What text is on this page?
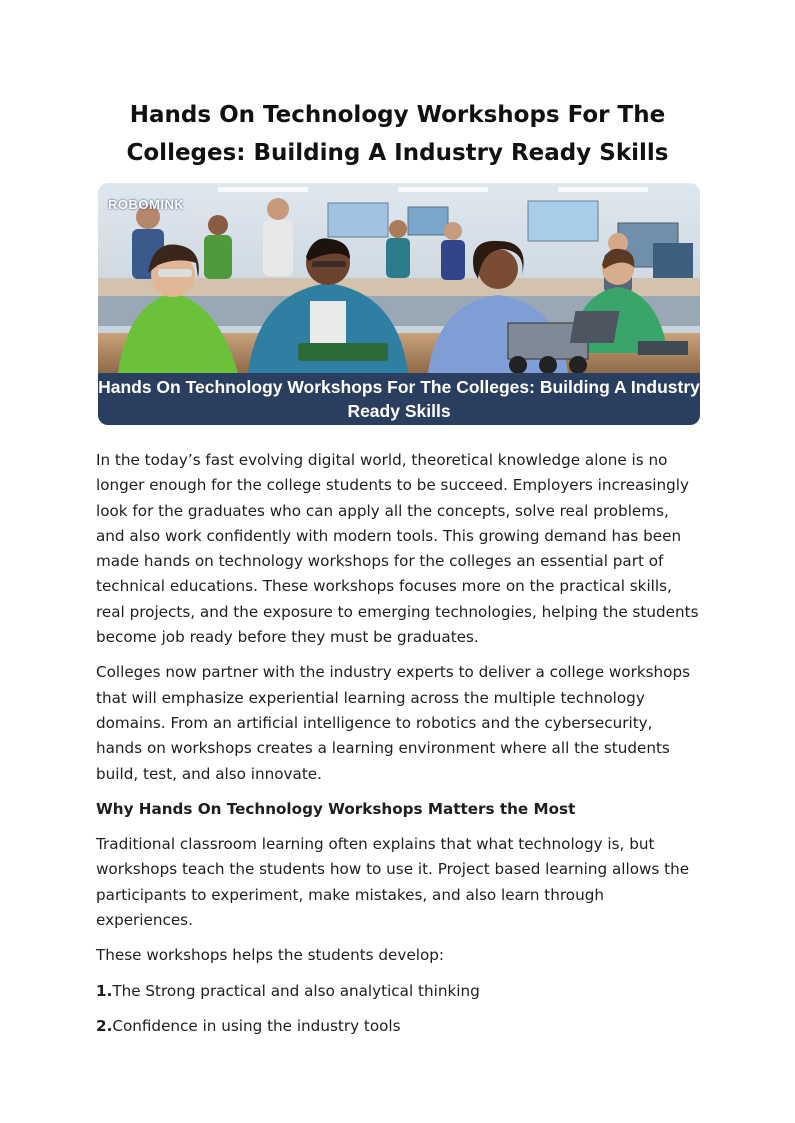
Hands On Technology Workshops For The Colleges: Building A Industry Ready Skills
ROBOMINK
Hands On Technology Workshops For The Colleges: Building A Industry Ready Skills

In the today’s fast evolving digital world, theoretical knowledge alone is no longer enough for the college students to be succeed. Employers increasingly look for the graduates who can apply all the concepts, solve real problems, and also work confidently with modern tools. This growing demand has been made hands on technology workshops for the colleges an essential part of technical educations. These workshops focuses more on the practical skills, real projects, and the exposure to emerging technologies, helping the students become job ready before they must be graduates.

Colleges now partner with the industry experts to deliver a college workshops that will emphasize experiential learning across the multiple technology domains. From an artificial intelligence to robotics and the cybersecurity, hands on workshops creates a learning environment where all the students build, test, and also innovate.

Why Hands On Technology Workshops Matters the Most

Traditional classroom learning often explains that what technology is, but workshops teach the students how to use it. Project based learning allows the participants to experiment, make mistakes, and also learn through experiences.

These workshops helps the students develop:

1.The Strong practical and also analytical thinking

2.Confidence in using the industry tools
